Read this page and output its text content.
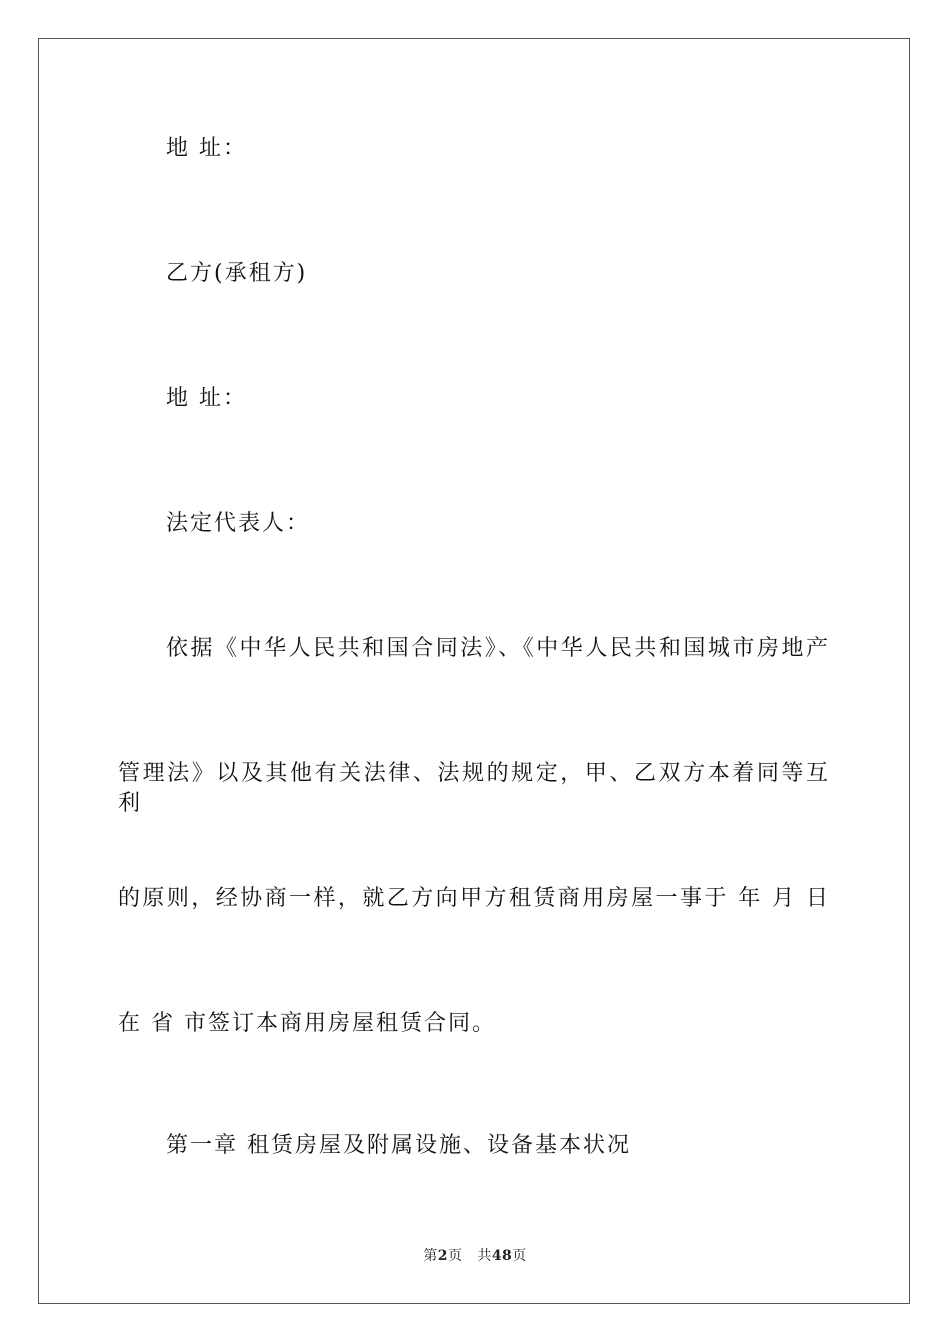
地 址：
乙方(承租方)
地 址：
法定代表人：
依据《中华人民共和国合同法》、《中华人民共和国城市房地产
管理法》以及其他有关法律、法规的规定，甲、乙双方本着同等互利
的原则，经协商一样，就乙方向甲方租赁商用房屋一事于 年 月 日
在 省 市签订本商用房屋租赁合同。
第一章 租赁房屋及附属设施、设备基本状况
第2页 共48页
